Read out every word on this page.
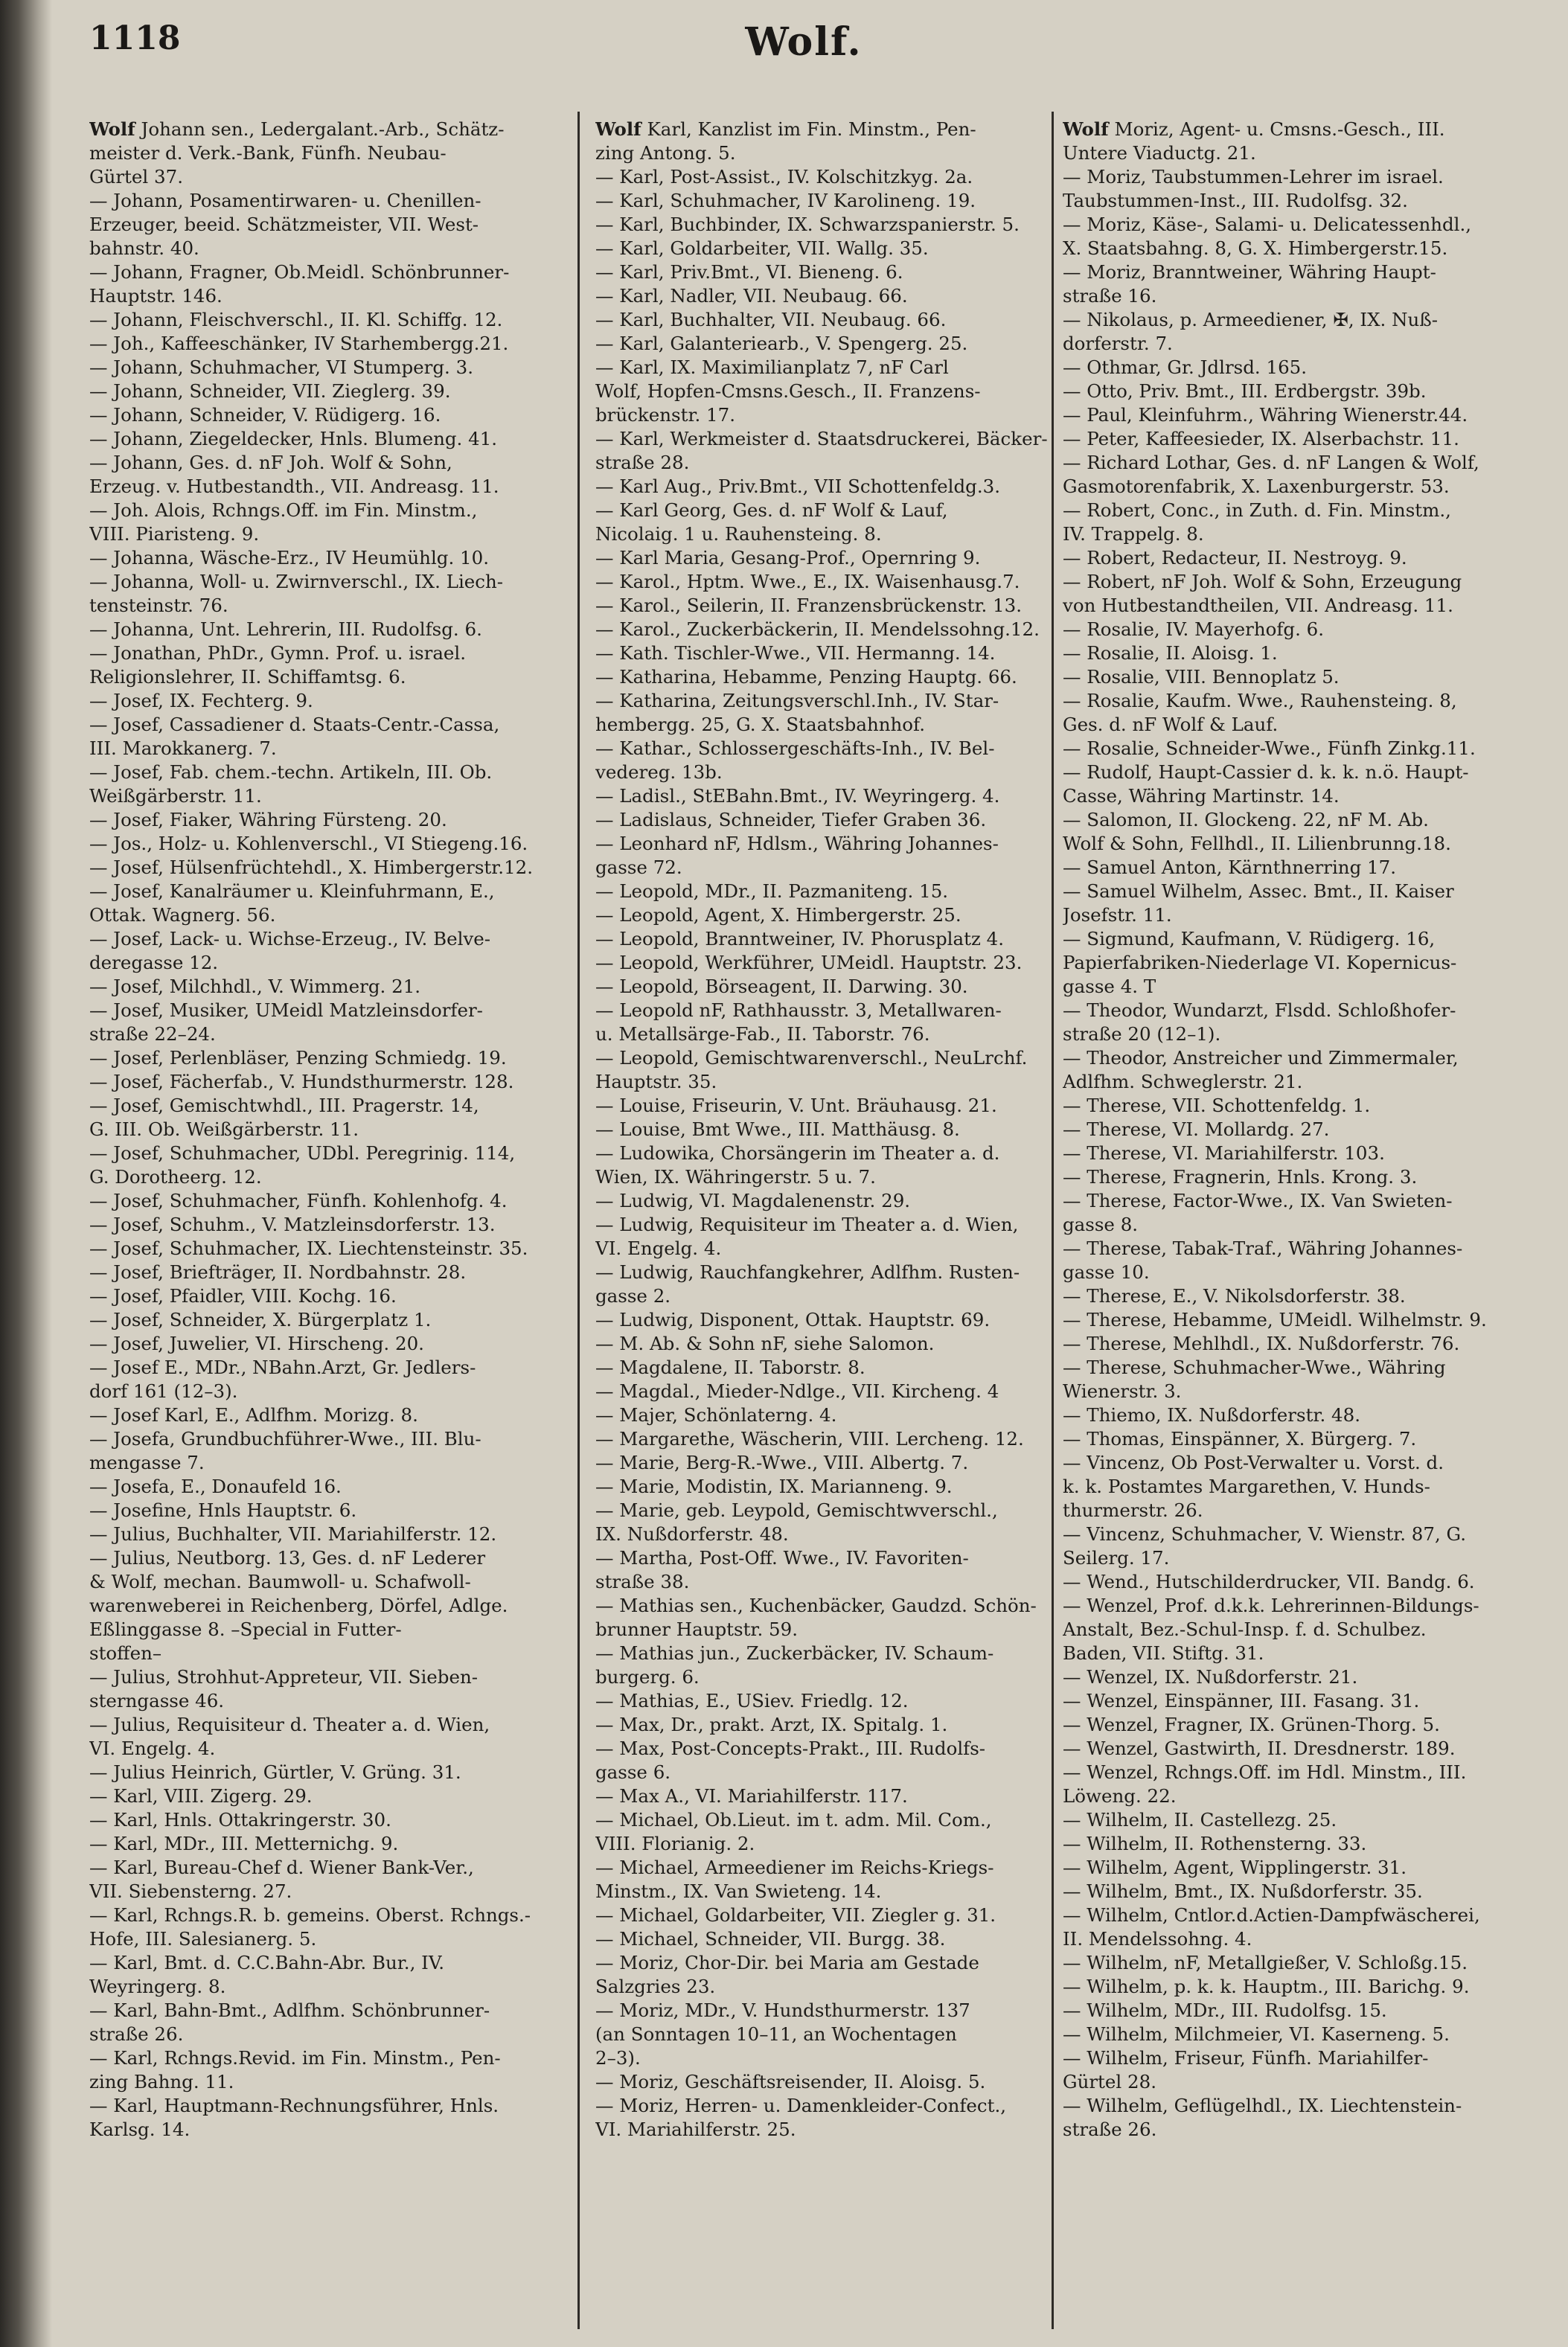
1118	Wolf.

Wolf Johann sen., Ledergalant.-Arb., Schätz-

meister d. Verk.-Bank, Fünfh. Neubau-

Gürtel 37.

— Johann, Posamentirwaren- u. Chenillen-

Erzeuger, beeid. Schätzmeister, VII. West-

bahnstr. 40.

— Johann, Fragner, Ob.Meidl. Schönbrunner-

Hauptstr. 146.

— Johann, Fleischverschl., II. Kl. Schiffg. 12.

— Joh., Kaffeeschänker, IV Starhembergg.21.

— Johann, Schuhmacher, VI Stumperg. 3.

— Johann, Schneider, VII. Zieglerg. 39.

— Johann, Schneider, V. Rüdigerg. 16.

— Johann, Ziegeldecker, Hnls. Blumeng. 41.

— Johann, Ges. d. nF Joh. Wolf & Sohn,

Erzeug. v. Hutbestandth., VII. Andreasg. 11.

— Joh. Alois, Rchngs.Off. im Fin. Minstm.,

VIII. Piaristeng. 9.

— Johanna, Wäsche-Erz., IV Heumühlg. 10.

— Johanna, Woll- u. Zwirnverschl., IX. Liech-

tensteinstr. 76.

— Johanna, Unt. Lehrerin, III. Rudolfsg. 6.

— Jonathan, PhDr., Gymn. Prof. u. israel.

Religionslehrer, II. Schiffamtsg. 6.

— Josef, IX. Fechterg. 9.

— Josef, Cassadiener d. Staats-Centr.-Cassa,

III. Marokkanerg. 7.

— Josef, Fab. chem.-techn. Artikeln, III. Ob.

Weißgärberstr. 11.

— Josef, Fiaker, Währing Fürsteng. 20.

— Jos., Holz- u. Kohlenverschl., VI Stiegeng.16.

— Josef, Hülsenfrüchtehdl., X. Himbergerstr.12.

— Josef, Kanalräumer u. Kleinfuhrmann, E.,

Ottak. Wagnerg. 56.

— Josef, Lack- u. Wichse-Erzeug., IV. Belve-

deregasse 12.

— Josef, Milchhdl., V. Wimmerg. 21.

— Josef, Musiker, UMeidl Matzleinsdorfer-

straße 22–24.

— Josef, Perlenbläser, Penzing Schmiedg. 19.

— Josef, Fächerfab., V. Hundsthurmerstr. 128.

— Josef, Gemischtwhdl., III. Pragerstr. 14,

G. III. Ob. Weißgärberstr. 11.

— Josef, Schuhmacher, UDbl. Peregrinig. 114,

G. Dorotheerg. 12.

— Josef, Schuhmacher, Fünfh. Kohlenhofg. 4.

— Josef, Schuhm., V. Matzleinsdorferstr. 13.

— Josef, Schuhmacher, IX. Liechtensteinstr. 35.

— Josef, Briefträger, II. Nordbahnstr. 28.

— Josef, Pfaidler, VIII. Kochg. 16.

— Josef, Schneider, X. Bürgerplatz 1.

— Josef, Juwelier, VI. Hirscheng. 20.

— Josef E., MDr., NBahn.Arzt, Gr. Jedlers-

dorf 161 (12–3).

— Josef Karl, E., Adlfhm. Morizg. 8.

— Josefa, Grundbuchführer-Wwe., III. Blu-

mengasse 7.

— Josefa, E., Donaufeld 16.

— Josefine, Hnls Hauptstr. 6.

— Julius, Buchhalter, VII. Mariahilferstr. 12.

— Julius, Neutborg. 13, Ges. d. nF Lederer

& Wolf, mechan. Baumwoll- u. Schafwoll-

warenweberei in Reichenberg, Dörfel, Adlge.

Eßlinggasse 8. –Special in Futter-

stoffen–

— Julius, Strohhut-Appreteur, VII. Sieben-

sterngasse 46.

— Julius, Requisiteur d. Theater a. d. Wien,

VI. Engelg. 4.

— Julius Heinrich, Gürtler, V. Grüng. 31.

— Karl, VIII. Zigerg. 29.

— Karl, Hnls. Ottakringerstr. 30.

— Karl, MDr., III. Metternichg. 9.

— Karl, Bureau-Chef d. Wiener Bank-Ver.,

VII. Siebensterng. 27.

— Karl, Rchngs.R. b. gemeins. Oberst. Rchngs.-

Hofe, III. Salesianerg. 5.

— Karl, Bmt. d. C.C.Bahn-Abr. Bur., IV.

Weyringerg. 8.

— Karl, Bahn-Bmt., Adlfhm. Schönbrunner-

straße 26.

— Karl, Rchngs.Revid. im Fin. Minstm., Pen-

zing Bahng. 11.

— Karl, Hauptmann-Rechnungsführer, Hnls.

Karlsg. 14.

Wolf Karl, Kanzlist im Fin. Minstm., Pen-

zing Antong. 5.

— Karl, Post-Assist., IV. Kolschitzkyg. 2a.

— Karl, Schuhmacher, IV Karolineng. 19.

— Karl, Buchbinder, IX. Schwarzspanierstr. 5.

— Karl, Goldarbeiter, VII. Wallg. 35.

— Karl, Priv.Bmt., VI. Bieneng. 6.

— Karl, Nadler, VII. Neubaug. 66.

— Karl, Buchhalter, VII. Neubaug. 66.

— Karl, Galanteriearb., V. Spengerg. 25.

— Karl, IX. Maximilianplatz 7, nF Carl

Wolf, Hopfen-Cmsns.Gesch., II. Franzens-

brückenstr. 17.

— Karl, Werkmeister d. Staatsdruckerei, Bäcker-

straße 28.

— Karl Aug., Priv.Bmt., VII Schottenfeldg.3.

— Karl Georg, Ges. d. nF Wolf & Lauf,

Nicolaig. 1 u. Rauhensteing. 8.

— Karl Maria, Gesang-Prof., Opernring 9.

— Karol., Hptm. Wwe., E., IX. Waisenhausg.7.

— Karol., Seilerin, II. Franzensbrückenstr. 13.

— Karol., Zuckerbäckerin, II. Mendelssohng.12.

— Kath. Tischler-Wwe., VII. Hermanng. 14.

— Katharina, Hebamme, Penzing Hauptg. 66.

— Katharina, Zeitungsverschl.Inh., IV. Star-

hembergg. 25, G. X. Staatsbahnhof.

— Kathar., Schlossergeschäfts-Inh., IV. Bel-

vedereg. 13b.

— Ladisl., StEBahn.Bmt., IV. Weyringerg. 4.

— Ladislaus, Schneider, Tiefer Graben 36.

— Leonhard nF, Hdlsm., Währing Johannes-

gasse 72.

— Leopold, MDr., II. Pazmaniteng. 15.

— Leopold, Agent, X. Himbergerstr. 25.

— Leopold, Branntweiner, IV. Phorusplatz 4.

— Leopold, Werkführer, UMeidl. Hauptstr. 23.

— Leopold, Börseagent, II. Darwing. 30.

— Leopold nF, Rathhausstr. 3, Metallwaren-

u. Metallsärge-Fab., II. Taborstr. 76.

— Leopold, Gemischtwarenverschl., NeuLrchf.

Hauptstr. 35.

— Louise, Friseurin, V. Unt. Bräuhausg. 21.

— Louise, Bmt Wwe., III. Matthäusg. 8.

— Ludowika, Chorsängerin im Theater a. d.

Wien, IX. Währingerstr. 5 u. 7.

— Ludwig, VI. Magdalenenstr. 29.

— Ludwig, Requisiteur im Theater a. d. Wien,

VI. Engelg. 4.

— Ludwig, Rauchfangkehrer, Adlfhm. Rusten-

gasse 2.

— Ludwig, Disponent, Ottak. Hauptstr. 69.

— M. Ab. & Sohn nF, siehe Salomon.

— Magdalene, II. Taborstr. 8.

— Magdal., Mieder-Ndlge., VII. Kircheng. 4

— Majer, Schönlaterng. 4.

— Margarethe, Wäscherin, VIII. Lercheng. 12.

— Marie, Berg-R.-Wwe., VIII. Albertg. 7.

— Marie, Modistin, IX. Marianneng. 9.

— Marie, geb. Leypold, Gemischtwverschl.,

IX. Nußdorferstr. 48.

— Martha, Post-Off. Wwe., IV. Favoriten-

straße 38.

— Mathias sen., Kuchenbäcker, Gaudzd. Schön-

brunner Hauptstr. 59.

— Mathias jun., Zuckerbäcker, IV. Schaum-

burgerg. 6.

— Mathias, E., USiev. Friedlg. 12.

— Max, Dr., prakt. Arzt, IX. Spitalg. 1.

— Max, Post-Concepts-Prakt., III. Rudolfs-

gasse 6.

— Max A., VI. Mariahilferstr. 117.

— Michael, Ob.Lieut. im t. adm. Mil. Com.,

VIII. Florianig. 2.

— Michael, Armeediener im Reichs-Kriegs-

Minstm., IX. Van Swieteng. 14.

— Michael, Goldarbeiter, VII. Ziegler g. 31.

— Michael, Schneider, VII. Burgg. 38.

— Moriz, Chor-Dir. bei Maria am Gestade

Salzgries 23.

— Moriz, MDr., V. Hundsthurmerstr. 137

(an Sonntagen 10–11, an Wochentagen

2–3).

— Moriz, Geschäftsreisender, II. Aloisg. 5.

— Moriz, Herren- u. Damenkleider-Confect.,

VI. Mariahilferstr. 25.

Wolf Moriz, Agent- u. Cmsns.-Gesch., III.

Untere Viaductg. 21.

— Moriz, Taubstummen-Lehrer im israel.

Taubstummen-Inst., III. Rudolfsg. 32.

— Moriz, Käse-, Salami- u. Delicatessenhdl.,

X. Staatsbahng. 8, G. X. Himbergerstr.15.

— Moriz, Branntweiner, Währing Haupt-

straße 16.

— Nikolaus, p. Armeediener, ✠, IX. Nuß-

dorferstr. 7.

— Othmar, Gr. Jdlrsd. 165.

— Otto, Priv. Bmt., III. Erdbergstr. 39b.

— Paul, Kleinfuhrm., Währing Wienerstr.44.

— Peter, Kaffeesieder, IX. Alserbachstr. 11.

— Richard Lothar, Ges. d. nF Langen & Wolf,

Gasmotorenfabrik, X. Laxenburgerstr. 53.

— Robert, Conc., in Zuth. d. Fin. Minstm.,

IV. Trappelg. 8.

— Robert, Redacteur, II. Nestroyg. 9.

— Robert, nF Joh. Wolf & Sohn, Erzeugung

von Hutbestandtheilen, VII. Andreasg. 11.

— Rosalie, IV. Mayerhofg. 6.

— Rosalie, II. Aloisg. 1.

— Rosalie, VIII. Bennoplatz 5.

— Rosalie, Kaufm. Wwe., Rauhensteing. 8,

Ges. d. nF Wolf & Lauf.

— Rosalie, Schneider-Wwe., Fünfh Zinkg.11.

— Rudolf, Haupt-Cassier d. k. k. n.ö. Haupt-

Casse, Währing Martinstr. 14.

— Salomon, II. Glockeng. 22, nF M. Ab.

Wolf & Sohn, Fellhdl., II. Lilienbrunng.18.

— Samuel Anton, Kärnthnerring 17.

— Samuel Wilhelm, Assec. Bmt., II. Kaiser

Josefstr. 11.

— Sigmund, Kaufmann, V. Rüdigerg. 16,

Papierfabriken-Niederlage VI. Kopernicus-

gasse 4. T

— Theodor, Wundarzt, Flsdd. Schloßhofer-

straße 20 (12–1).

— Theodor, Anstreicher und Zimmermaler,

Adlfhm. Schweglerstr. 21.

— Therese, VII. Schottenfeldg. 1.

— Therese, VI. Mollardg. 27.

— Therese, VI. Mariahilferstr. 103.

— Therese, Fragnerin, Hnls. Krong. 3.

— Therese, Factor-Wwe., IX. Van Swieten-

gasse 8.

— Therese, Tabak-Traf., Währing Johannes-

gasse 10.

— Therese, E., V. Nikolsdorferstr. 38.

— Therese, Hebamme, UMeidl. Wilhelmstr. 9.

— Therese, Mehlhdl., IX. Nußdorferstr. 76.

— Therese, Schuhmacher-Wwe., Währing

Wienerstr. 3.

— Thiemo, IX. Nußdorferstr. 48.

— Thomas, Einspänner, X. Bürgerg. 7.

— Vincenz, Ob Post-Verwalter u. Vorst. d.

k. k. Postamtes Margarethen, V. Hunds-

thurmerstr. 26.

— Vincenz, Schuhmacher, V. Wienstr. 87, G.

Seilerg. 17.

— Wend., Hutschilderdrucker, VII. Bandg. 6.

— Wenzel, Prof. d.k.k. Lehrerinnen-Bildungs-

Anstalt, Bez.-Schul-Insp. f. d. Schulbez.

Baden, VII. Stiftg. 31.

— Wenzel, IX. Nußdorferstr. 21.

— Wenzel, Einspänner, III. Fasang. 31.

— Wenzel, Fragner, IX. Grünen-Thorg. 5.

— Wenzel, Gastwirth, II. Dresdnerstr. 189.

— Wenzel, Rchngs.Off. im Hdl. Minstm., III.

Löweng. 22.

— Wilhelm, II. Castellezg. 25.

— Wilhelm, II. Rothensterng. 33.

— Wilhelm, Agent, Wipplingerstr. 31.

— Wilhelm, Bmt., IX. Nußdorferstr. 35.

— Wilhelm, Cntlor.d.Actien-Dampfwäscherei,

II. Mendelssohng. 4.

— Wilhelm, nF, Metallgießer, V. Schloßg.15.

— Wilhelm, p. k. k. Hauptm., III. Barichg. 9.

— Wilhelm, MDr., III. Rudolfsg. 15.

— Wilhelm, Milchmeier, VI. Kaserneng. 5.

— Wilhelm, Friseur, Fünfh. Mariahilfer-

Gürtel 28.

— Wilhelm, Geflügelhdl., IX. Liechtenstein-

straße 26.
